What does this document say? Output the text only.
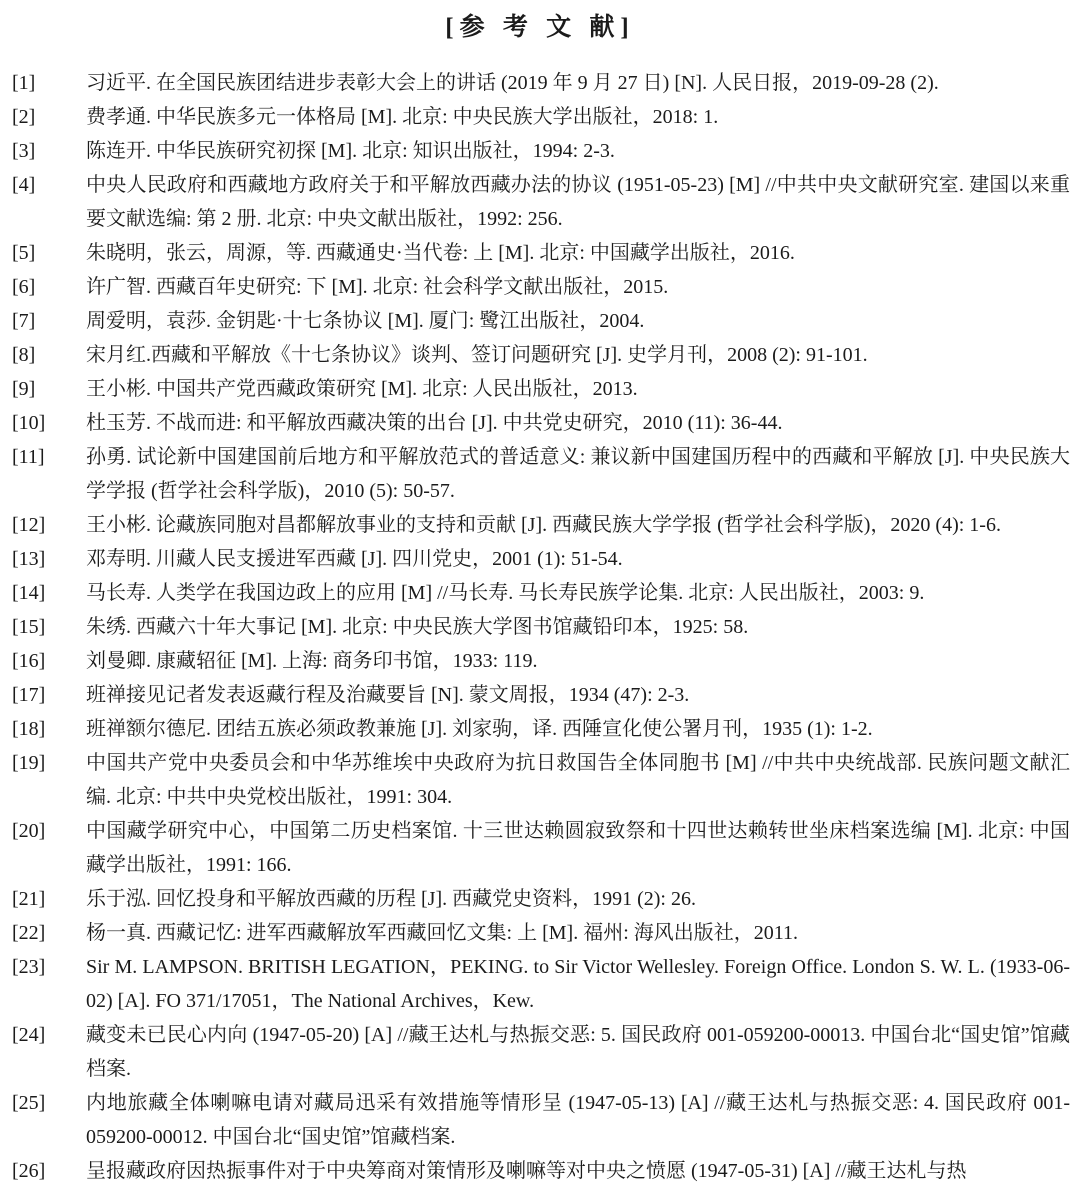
[参 考 文 献]
[1]	习近平. 在全国民族团结进步表彰大会上的讲话 (2019 年 9 月 27 日) [N]. 人民日报，2019-09-28 (2).
[2]	费孝通. 中华民族多元一体格局 [M]. 北京: 中央民族大学出版社，2018: 1.
[3]	陈连开. 中华民族研究初探 [M]. 北京: 知识出版社，1994: 2-3.
[4]	中央人民政府和西藏地方政府关于和平解放西藏办法的协议 (1951-05-23) [M] //中共中央文献研究室. 建国以来重要文献选编: 第 2 册. 北京: 中央文献出版社，1992: 256.
[5]	朱晓明，张云，周源，等. 西藏通史·当代卷: 上 [M]. 北京: 中国藏学出版社，2016.
[6]	许广智. 西藏百年史研究: 下 [M]. 北京: 社会科学文献出版社，2015.
[7]	周爱明，袁莎. 金钥匙·十七条协议 [M]. 厦门: 鹭江出版社，2004.
[8]	宋月红.西藏和平解放《十七条协议》谈判、签订问题研究 [J]. 史学月刊，2008 (2): 91-101.
[9]	王小彬. 中国共产党西藏政策研究 [M]. 北京: 人民出版社，2013.
[10]	杜玉芳. 不战而进: 和平解放西藏决策的出台 [J]. 中共党史研究，2010 (11): 36-44.
[11]	孙勇. 试论新中国建国前后地方和平解放范式的普适意义: 兼议新中国建国历程中的西藏和平解放 [J]. 中央民族大学学报 (哲学社会科学版)，2010 (5): 50-57.
[12]	王小彬. 论藏族同胞对昌都解放事业的支持和贡献 [J]. 西藏民族大学学报 (哲学社会科学版)，2020 (4): 1-6.
[13]	邓寿明. 川藏人民支援进军西藏 [J]. 四川党史，2001 (1): 51-54.
[14]	马长寿. 人类学在我国边政上的应用 [M] //马长寿. 马长寿民族学论集. 北京: 人民出版社，2003: 9.
[15]	朱绣. 西藏六十年大事记 [M]. 北京: 中央民族大学图书馆藏铅印本，1925: 58.
[16]	刘曼卿. 康藏轺征 [M]. 上海: 商务印书馆，1933: 119.
[17]	班禅接见记者发表返藏行程及治藏要旨 [N]. 蒙文周报，1934 (47): 2-3.
[18]	班禅额尔德尼. 团结五族必须政教兼施 [J]. 刘家驹，译. 西陲宣化使公署月刊，1935 (1): 1-2.
[19]	中国共产党中央委员会和中华苏维埃中央政府为抗日救国告全体同胞书 [M] //中共中央统战部. 民族问题文献汇编. 北京: 中共中央党校出版社，1991: 304.
[20]	中国藏学研究中心，中国第二历史档案馆. 十三世达赖圆寂致祭和十四世达赖转世坐床档案选编 [M]. 北京: 中国藏学出版社，1991: 166.
[21]	乐于泓. 回忆投身和平解放西藏的历程 [J]. 西藏党史资料，1991 (2): 26.
[22]	杨一真. 西藏记忆: 进军西藏解放军西藏回忆文集: 上 [M]. 福州: 海风出版社，2011.
[23]	Sir M. LAMPSON. BRITISH LEGATION，PEKING. to Sir Victor Wellesley. Foreign Office. London S. W. L. (1933-06-02) [A]. FO 371/17051，The National Archives，Kew.
[24]	藏变未已民心内向 (1947-05-20) [A] //藏王达札与热振交恶: 5. 国民政府 001-059200-00013. 中国台北“国史馆”馆藏档案.
[25]	内地旅藏全体喇嘛电请对藏局迅采有效措施等情形呈 (1947-05-13) [A] //藏王达札与热振交恶: 4. 国民政府 001-059200-00012. 中国台北“国史馆”馆藏档案.
[26]	呈报藏政府因热振事件对于中央筹商对策情形及喇嘛等对中央之愤愿 (1947-05-31) [A] //藏王达札与热
